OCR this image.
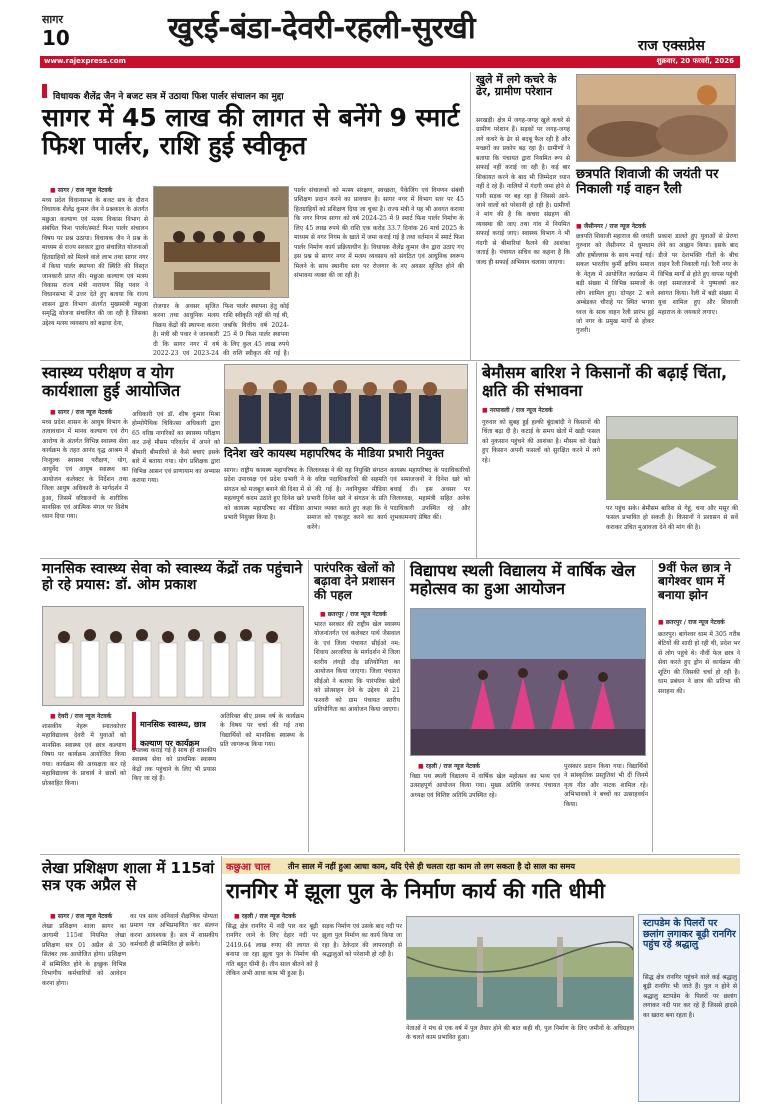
सागर
10	खुरई-बंडा-देवरी-रहली-सुरखी	राज एक्सप्रेस
www.rajexpress.com	शुक्रवार, 20 फरवरी, 2026
विधायक शैलेंद्र जैन ने बजट सत्र में उठाया फिश पार्लर संचालन का मुद्दा
सागर में 45 लाख की लागत से बनेंगे 9 स्मार्ट फिश पार्लर, राशि हुई स्वीकृत
■ सागर / राज न्यूज नेटवर्क
मध्य प्रदेश विधानसभा के बजट सत्र के दौरान विधायक शैलेंद्र कुमार जैन ने प्रश्नकाल के अंतर्गत मछुआ कल्याण एवं मत्स्य विकास विभाग से संबंधित फिश पार्लर/स्मार्ट फिश पार्लर संचालन विषय पर प्रश्न उठाया। विधायक जैन ने प्रश्न के माध्यम से राज्य सरकार द्वारा संचालित योजनाओं हितग्राहियों को मिलने वाले लाभ तथा सागर नगर में किया पार्लर स्थापना की स्थिति की विस्तृत जानकारी प्राप्त की। मछुआ कल्याण एवं मत्स्य विकास राज्य मंत्री नारायण सिंह पवार ने विधानसभा में उत्तर देते हुए बताया कि राज्य शासन द्वारा विभाग अंतर्गत मुख्यमंत्री मछुआ समृद्धि योजना संचालित की जा रही है जिसका उद्देश्य मत्स्य व्यवसाय को बढ़ावा देना,
रोजगार के अवसर सृजित करना तथा आधुनिक मत्स्य विक्रय केंद्रों की स्थापना करना है। मंत्री श्री पवार ने जानकारी दी कि सागर नगर में वर्ष 2022-23 एवं 2023-24
फिश पार्लर स्थापना हेतु कोई राशि स्वीकृति नहीं की गई थी, जबकि वित्तीय वर्ष 2024-25 में 9 फिश पार्लर स्थापना के लिए कुल 45 लाख रुपये की राशि स्वीकृत की गई है।
पार्लर संचालकों को मत्स्य संरक्षण, स्वच्छता, पैकेजिंग एवं विपणन संबंधी प्रशिक्षण प्रदान करने का प्रावधान है। सागर नगर में विभाग स्तर पर 45 हितग्राहियों को प्रशिक्षण दिया जा चुका है। राज्य मंत्री ने यह भी अवगत कराया कि नगर निगम सागर को वर्ष 2024-25 में 9 स्मार्ट फिश पार्लर निर्माण के लिए 45 लाख रुपये की राशि एक करोड़ 33.7 दिनांक 26 मार्च 2025 के माध्यम से नगर निगम के खाते में जमा कराई गई है तथा वर्तमान में स्मार्ट फिश पार्लर निर्माण कार्य प्रक्रियाधीन है। विधायक शैलेंद्र कुमार जैन द्वारा उठाए गए इस प्रश्न से सागर नगर में मत्स्य व्यवसाय को संगठित एवं आधुनिक स्वरूप मिलने के साथ स्थानीय स्तर पर रोजगार के नए अवसर सृजित होने की संभावना व्यक्त की जा रही है।
खुले में लगे कचरे के ढेर, ग्रामीण परेशान
सरखड़ी। क्षेत्र में जगह-जगह खुले कचरे से ग्रामीण परेशान हैं। सड़कों पर जगह-जगह लगे कचरे के ढेर से बदबू फैल रही है और मच्छरों का प्रकोप बढ़ रहा है। ग्रामीणों ने बताया कि पंचायत द्वारा नियमित रूप से सफाई नहीं कराई जा रही है। कई बार शिकायत करने के बाद भी जिम्मेदार ध्यान नहीं दे रहे हैं। नालियों में गंदगी जमा होने से पानी सड़क पर बह रहा है जिससे आने-जाने वालों को परेशानी हो रही है। ग्रामीणों ने मांग की है कि कचरा संग्रहण की व्यवस्था की जाए तथा गांव में नियमित सफाई कराई जाए। स्वास्थ्य विभाग ने भी गंदगी से बीमारियां फैलने की आशंका जताई है। पंचायत सचिव का कहना है कि जल्द ही सफाई अभियान चलाया जाएगा।
छत्रपति शिवाजी की जयंती पर निकाली गई वाहन रैली
■ जैसीनगर / राज न्यूज नेटवर्क
छत्रपति शिवाजी महाराज की जयंती गुरुवार को जैसीनगर में धूमधाम और हर्षोल्लास के साथ मनाई गई। सकल भारतीय कुर्मी क्षत्रिय समाज के नेतृत्व में आयोजित कार्यक्रम में बड़ी संख्या में विभिन्न समाजों के लोग शामिल हुए। दोपहर 2 बजे अम्बेडकर चौराहे पर स्थित भगवा ध्वज के साथ वाहन रैली प्रारंभ हुई जो नगर के प्रमुख मार्गों से होकर गुजरी।
प्रकाश डालते हुए युवाओं से प्रेरणा लेने का आह्वान किया। इसके बाद डीजे पर देशभक्ति गीतों के बीच वाहन रैली निकाली गई। रैली नगर के विभिन्न मार्गों से होते हुए वापस पहुंची जहां समाजजनों ने पुष्पवर्षा कर स्वागत किया। रैली में बड़ी संख्या में युवा शामिल हुए और शिवाजी महाराज के जयकारे लगाए।
स्वास्थ्य परीक्षण व योग कार्यशाला हुई आयोजित
■ सागर / राज न्यूज नेटवर्क
मध्य प्रदेश शासन के आयुष विभाग के तत्वावधान में मानव कल्याण एवं रोग आरोग्य के अंतर्गत विभिन्न स्वास्थ्य सेवा कार्यक्रम के तहत आनंद वृद्ध आश्रम में निःशुल्क स्वास्थ्य परीक्षण, योग, आयुर्वेद एवं आयुष स्वास्थ्य का आयोजन कलेक्टर के निर्देशन तथा जिला आयुष अधिकारी के मार्गदर्शन में हुआ, जिसमें वरिष्ठजनों के शारीरिक मानसिक एवं आत्मिक मंगल पर विशेष ध्यान दिया गया।
अधिकारी एवं डॉ. शीष कुमार मिश्रा होम्योपैथिक चिकित्सा अधिकारी द्वारा 65 वरिष्ठ नागरिकों का स्वास्थ्य परीक्षण कर उन्हें मौसम परिवर्तन में अपने को बीमारी बीमारियों से कैसे बचाएं इसके बारे में बताया गया। योग प्रशिक्षक द्वारा विभिन्न आसन एवं प्राणायाम का अभ्यास कराया गया।
दिनेश खरे कायस्थ महापरिषद के मीडिया प्रभारी नियुक्त
सागर। राष्ट्रीय कायस्थ महापरिषद के प्रदेश उपाध्यक्ष एवं प्रदेश प्रभारी ने संगठन को मजबूत बनाने की दिशा में महत्वपूर्ण कदम उठाते हुए दिनेश खरे को कायस्थ महापरिषद का मीडिया प्रभारी नियुक्त किया है।
जिलाध्यक्ष ने की यह नियुक्ति संगठन के वरिष्ठ पदाधिकारियों की सहमति से की गई है। नवनियुक्त मीडिया प्रभारी दिनेश खरे ने संगठन के प्रति आभार व्यक्त करते हुए कहा कि वे समाज को एकजुट करने का कार्य करेंगे।
कायस्थ महापरिषद के पदाधिकारियों एवं समाजजनों ने दिनेश खरे को बधाई दी। इस अवसर पर जिलाध्यक्ष, महामंत्री सहित अनेक पदाधिकारी उपस्थित रहे और शुभकामनाएं प्रेषित कीं।
बेमौसम बारिश ने किसानों की बढ़ाई चिंता, क्षति की संभावना
■ नरयावली / राज न्यूज नेटवर्क
गुरुवार को सुबह हुई हल्की बूंदाबांदी ने किसानों की चिंता बढ़ा दी है। कटाई के समय खेतों में खड़ी फसल को नुकसान पहुंचने की आशंका है। मौसम को देखते हुए किसान अपनी फसलों को सुरक्षित करने में लगे रहे।
पर पहुंच सके। बेमौसम बारिश से गेहूं, चना और मसूर की फसल प्रभावित हो सकती है। किसानों ने प्रशासन से सर्वे कराकर उचित मुआवजा देने की मांग की है।
मानसिक स्वास्थ्य सेवा को स्वास्थ्य केंद्रों तक पहुंचाने हो रहे प्रयास: डॉ. ओम प्रकाश
■ देवरी / राज न्यूज नेटवर्क
शासकीय नेहरू स्नातकोत्तर महाविद्यालय देवरी में युवाओं को मानसिक स्वास्थ्य एवं छात्र कल्याण विषय पर कार्यक्रम आयोजित किया गया। कार्यक्रम की अध्यक्षता कर रहे महाविद्यालय के प्राचार्य ने छात्रों को प्रोत्साहित किया।
मानसिक स्वास्थ्य, छात्र कल्याण पर कार्यक्रम
उपलब्ध कराई गई है साथ ही शासकीय स्वास्थ्य सेवा को प्राथमिक स्वास्थ्य केंद्रों तक पहुंचाने के लिए भी प्रयास किए जा रहे हैं।
अतिरिक्त बीए प्रथम वर्ष के कार्यक्रम के विषय पर चर्चा की गई तथा विद्यार्थियों को मानसिक स्वास्थ्य के प्रति जागरूक किया गया।
पारंपरिक खेलों को बढ़ावा देने प्रशासन की पहल
■ छतरपुर / राज न्यूज नेटवर्क
भारत सरकार की राष्ट्रीय खेल स्वास्थ्य योजनांतर्गत एवं कलेक्टर पार्थ जैसवाल के एवं जिला पंचायत सीईओ नम: शिवाय अरजरिया के मार्गदर्शन में जिला स्तरीय लंगड़ी दौड़ प्रतियोगिता का आयोजन किया जाएगा। जिला पंचायत सीईओ ने बताया कि पारंपरिक खेलों को प्रोत्साहन देने के उद्देश्य से 21 फरवरी को ग्राम पंचायत स्तरीय प्रतियोगिता का आयोजन किया जाएगा।
विद्यापथ स्थली विद्यालय में वार्षिक खेल महोत्सव का हुआ आयोजन
■ रहली / राज न्यूज नेटवर्क
विद्या पथ स्थली विद्यालय में वार्षिक खेल महोत्सव का भव्य एवं उत्साहपूर्ण आयोजन किया गया। मुख्य अतिथि जनपद पंचायत अध्यक्ष एवं विशिष्ट अतिथि उपस्थित रहे।
पुरस्कार प्रदान किया गया। विद्यार्थियों ने सांस्कृतिक प्रस्तुतियां भी दीं जिनमें नृत्य गीत और नाटक शामिल रहे। अभिभावकों ने बच्चों का उत्साहवर्धन किया।
9वीं फेल छात्र ने बागेश्वर धाम में बनाया झोन
■ छतरपुर / राज न्यूज नेटवर्क
छतरपुर। बागेश्वर धाम में 305 गरीब बेटियों की शादी हो रही थी, प्रदेश भर से लोग पहुंचे थे। नौवीं फेल छात्र ने सेवा करते हुए ड्रोन से कार्यक्रम की शूटिंग की जिसकी चर्चा हो रही है। धाम प्रबंधन ने छात्र की प्रतिभा की सराहना की।
कछुआ चाल तीन साल में नहीं हुआ आधा काम, यदि ऐसे ही चलता रहा काम तो लग सकता है दो साल का समय
लेखा प्रशिक्षण शाला में 115वां सत्र एक अप्रैल से
■ सागर / राज न्यूज नेटवर्क
लेखा प्रशिक्षण शाला सागर का आगामी 115वां नियमित लेखा प्रशिक्षण सत्र 01 अप्रैल से 30 सितंबर तक आयोजित होगा। प्रशिक्षण में सम्मिलित होने के इच्छुक विभिन्न विभागीय कर्मचारियों को आवेदन करना होगा।
का पत्र साथ अनिवार्य शैक्षणिक योग्यता प्रमाण पत्र अभिप्रमाणित कर संलग्न करना आवश्यक है। सत्र में शासकीय कर्मचारी ही सम्मिलित हो सकेंगे।
रानगिर में झूला पुल के निर्माण कार्य की गति धीमी
■ रहली / राज न्यूज नेटवर्क
सिद्ध क्षेत्र रानगिर में नदी पार कर बूढ़ी रानगिर जाने के लिए देहार नदी पर 2419.64 लाख रुपए की लागत से बनाया जा रहा झूला पुल के निर्माण की गति बहुत धीमी है। तीन साल बीतने को है लेकिन अभी आधा काम भी हुआ है।
सड़क निर्माण एवं उसके बाद नदी पर झूला पुल निर्माण का कार्य किया जा रहा है। ठेकेदार की लापरवाही से श्रद्धालुओं को परेशानी हो रही है।
नेताओं ने मंच से एक वर्ष में पुल तैयार होने की बात कही थी, पुल निर्माण के लिए जमीनों के अधिग्रहण के चलते काम प्रभावित हुआ।
स्टापडेम के पिलरों पर छलांग लगाकर बूढ़ी रानगिर पहुंच रहे श्रद्धालु
सिद्ध क्षेत्र रानगिर पहुंचने वाले कई श्रद्धालु बूढ़ी रानगिर भी जाते हैं। पुल न होने से श्रद्धालु स्टापडेम के पिलरों पर छलांग लगाकर नदी पार कर रहे हैं जिससे हादसे का खतरा बना रहता है।
